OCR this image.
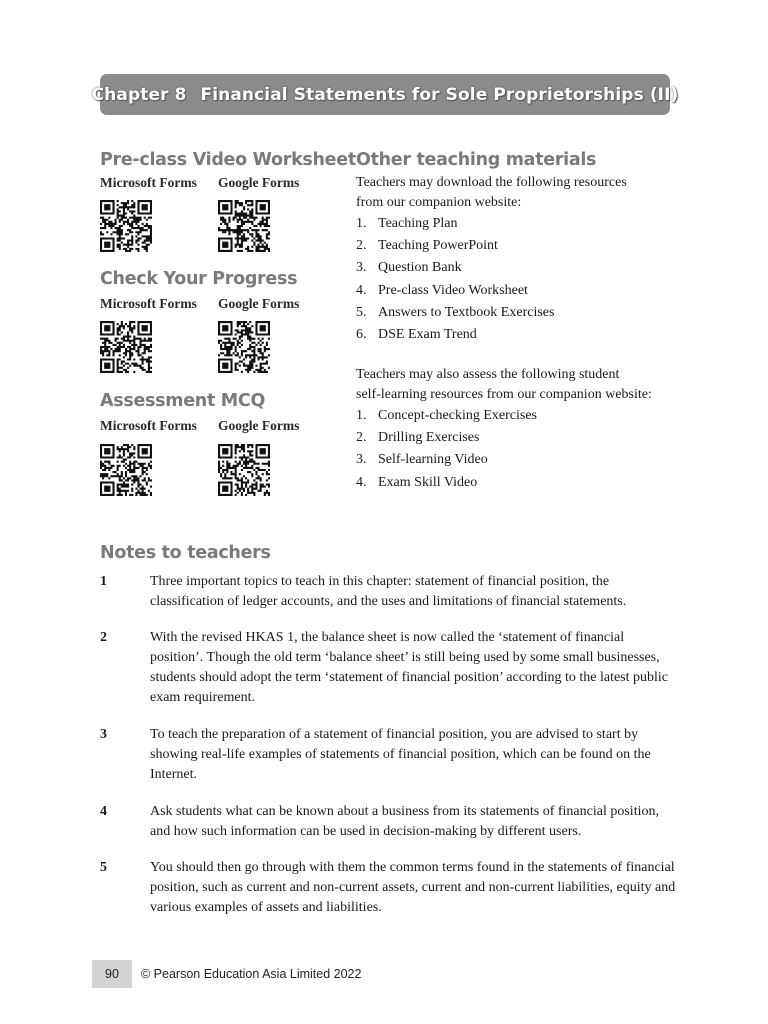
Chapter 8 Financial Statements for Sole Proprietorships (II)
Pre-class Video Worksheet
Microsoft Forms Google Forms
Check Your Progress
Microsoft Forms Google Forms
Assessment MCQ
Microsoft Forms Google Forms
Other teaching materials

Teachers may download the following resources

from our companion website:

1. Teaching Plan
2. Teaching PowerPoint
3. Question Bank
4. Pre-class Video Worksheet
5. Answers to Textbook Exercises
6. DSE Exam Trend

Teachers may also assess the following student

self-learning resources from our companion website:

1. Concept-checking Exercises
2. Drilling Exercises
3. Self-learning Video
4. Exam Skill Video
Notes to teachers
1	Three important topics to teach in this chapter: statement of financial position, the classification of ledger accounts, and the uses and limitations of financial statements.
2	With the revised HKAS 1, the balance sheet is now called the ‘statement of financial position’. Though the old term ‘balance sheet’ is still being used by some small businesses, students should adopt the term ‘statement of financial position’ according to the latest public exam requirement.
3	To teach the preparation of a statement of financial position, you are advised to start by showing real-life examples of statements of financial position, which can be found on the Internet.
4	Ask students what can be known about a business from its statements of financial position, and how such information can be used in decision-making by different users.
5	You should then go through with them the common terms found in the statements of financial position, such as current and non-current assets, current and non-current liabilities, equity and various examples of assets and liabilities.
90	© Pearson Education Asia Limited 2022
